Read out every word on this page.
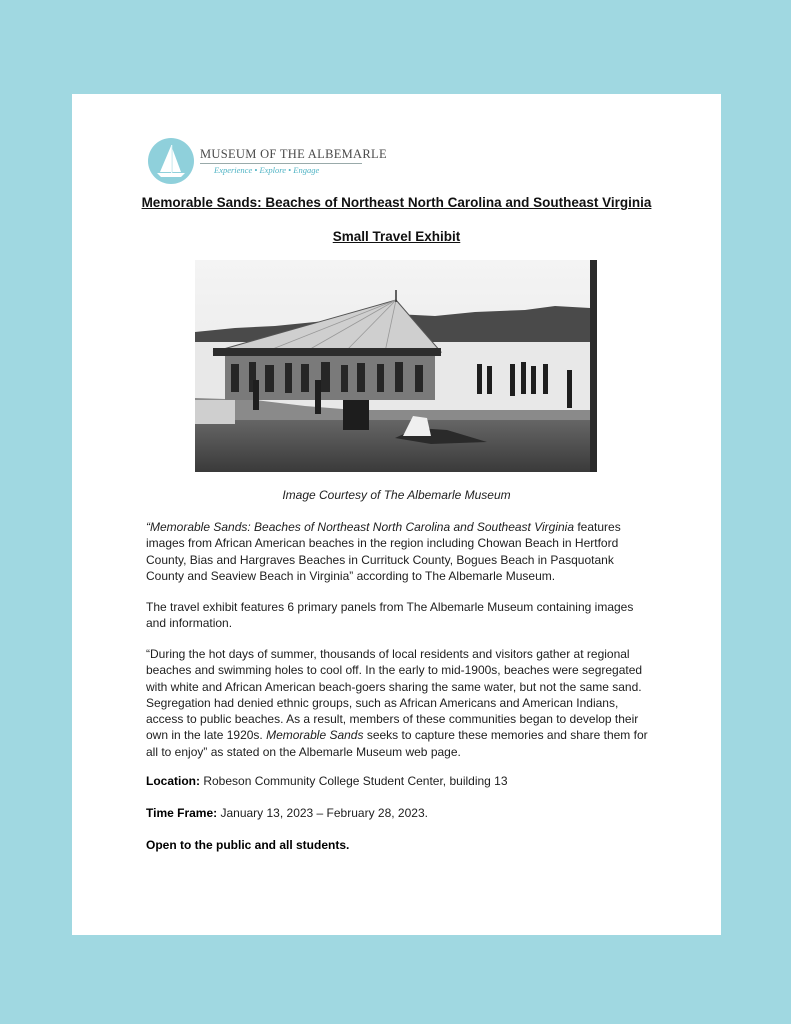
MUSEUM OF THE ALBEMARLE
Experience • Explore • Engage
Memorable Sands: Beaches of Northeast North Carolina and Southeast Virginia
Small Travel Exhibit
Image Courtesy of The Albemarle Museum

“Memorable Sands: Beaches of Northeast North Carolina and Southeast Virginia features images from African American beaches in the region including Chowan Beach in Hertford County, Bias and Hargraves Beaches in Currituck County, Bogues Beach in Pasquotank County and Seaview Beach in Virginia” according to The Albemarle Museum.

The travel exhibit features 6 primary panels from The Albemarle Museum containing images and information.

“During the hot days of summer, thousands of local residents and visitors gather at regional beaches and swimming holes to cool off. In the early to mid-1900s, beaches were segregated with white and African American beach-goers sharing the same water, but not the same sand. Segregation had denied ethnic groups, such as African Americans and American Indians, access to public beaches. As a result, members of these communities began to develop their own in the late 1920s. Memorable Sands seeks to capture these memories and share them for all to enjoy” as stated on the Albemarle Museum web page.

Location: Robeson Community College Student Center, building 13

Time Frame: January 13, 2023 – February 28, 2023.

Open to the public and all students.
